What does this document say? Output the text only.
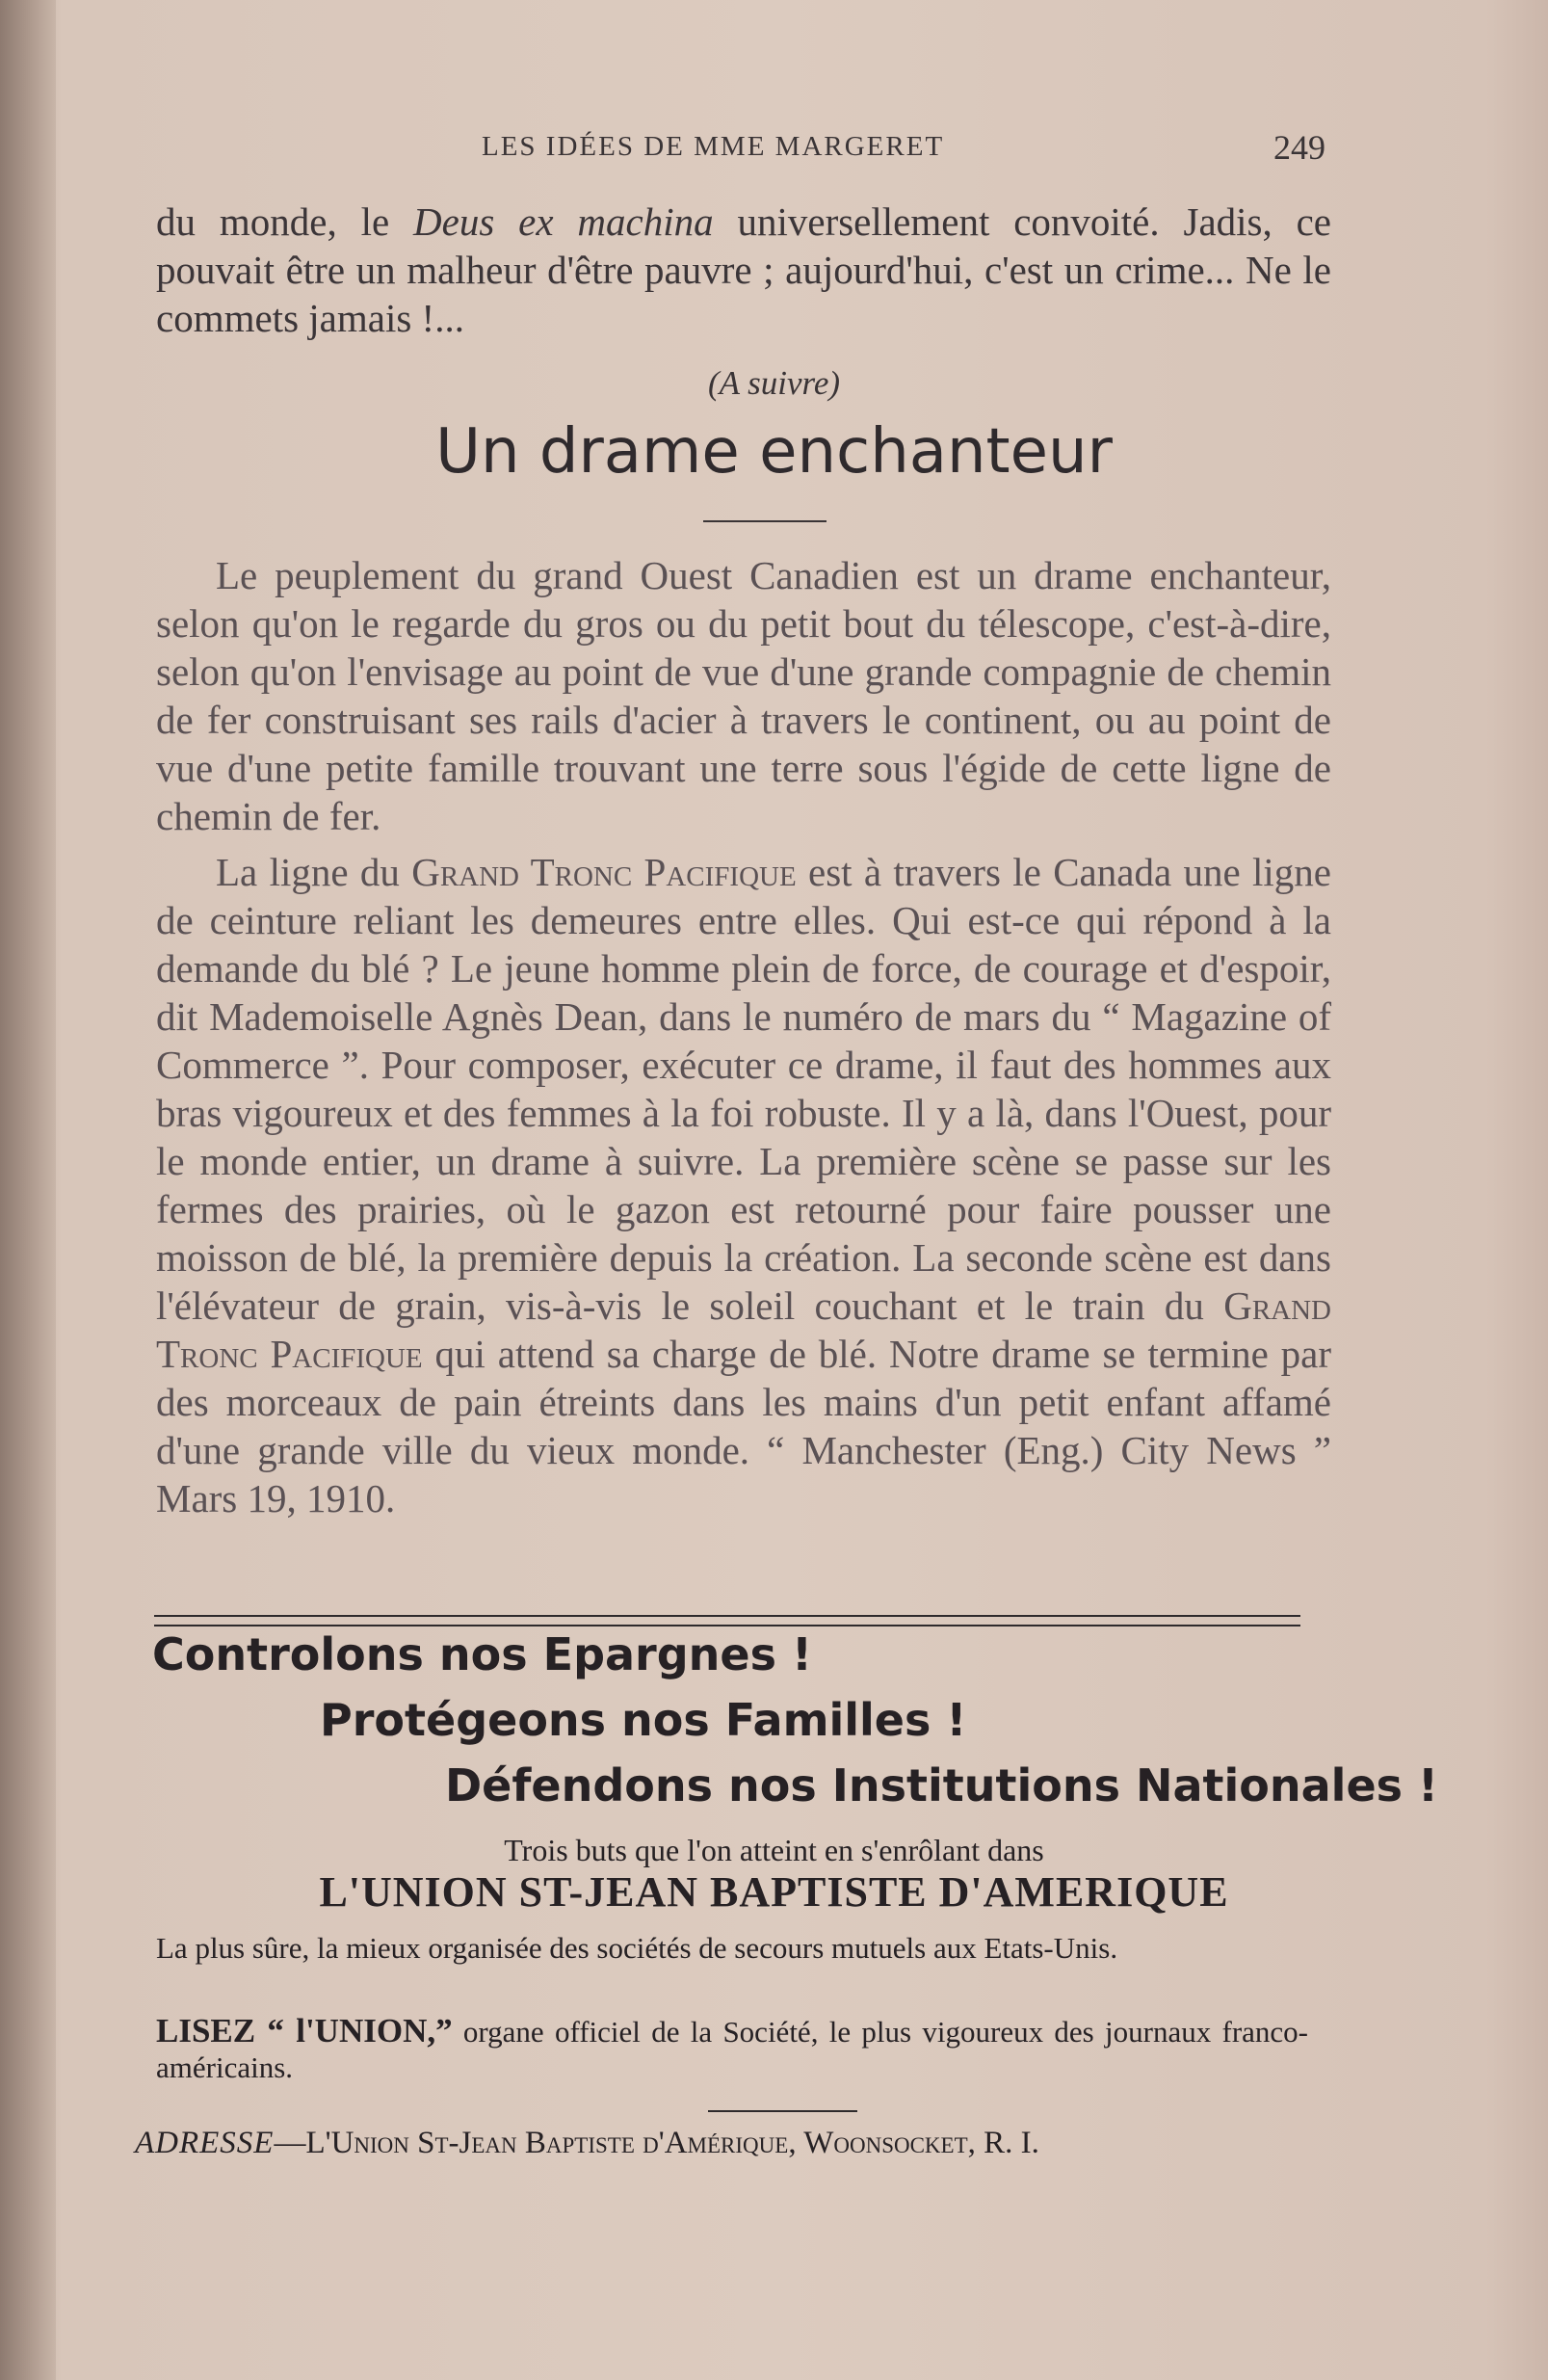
LES IDÉES DE MME MARGERET	249

du monde, le Deus ex machina universellement convoité. Jadis, ce pouvait être un malheur d'être pauvre ; aujourd'hui, c'est un crime... Ne le commets jamais !...

(A suivre)
Un drame enchanteur

Le peuplement du grand Ouest Canadien est un drame enchanteur, selon qu'on le regarde du gros ou du petit bout du télescope, c'est-à-dire, selon qu'on l'envisage au point de vue d'une grande compagnie de chemin de fer construisant ses rails d'acier à travers le continent, ou au point de vue d'une petite famille trouvant une terre sous l'égide de cette ligne de chemin de fer.

La ligne du Grand Tronc Pacifique est à travers le Canada une ligne de ceinture reliant les demeures entre elles. Qui est-ce qui répond à la demande du blé ? Le jeune homme plein de force, de courage et d'espoir, dit Mademoiselle Agnès Dean, dans le numéro de mars du “ Magazine of Commerce ”. Pour composer, exécuter ce drame, il faut des hommes aux bras vigoureux et des femmes à la foi robuste. Il y a là, dans l'Ouest, pour le monde entier, un drame à suivre. La première scène se passe sur les fermes des prairies, où le gazon est retourné pour faire pousser une moisson de blé, la première depuis la création. La seconde scène est dans l'élévateur de grain, vis-à-vis le soleil couchant et le train du Grand Tronc Pacifique qui attend sa charge de blé. Notre drame se termine par des morceaux de pain étreints dans les mains d'un petit enfant affamé d'une grande ville du vieux monde. “ Manchester (Eng.) City News ” Mars 19, 1910.

Controlons nos Epargnes !
Protégeons nos Familles !
Défendons nos Institutions Nationales !
Trois buts que l'on atteint en s'enrôlant dans
L'UNION ST-JEAN BAPTISTE D'AMERIQUE
La plus sûre, la mieux organisée des sociétés de secours mutuels aux Etats-Unis.
LISEZ “ l'UNION,” organe officiel de la Société, le plus vigoureux des journaux franco-américains.
ADRESSE—L'Union St-Jean Baptiste d'Amérique, Woonsocket, R. I.
